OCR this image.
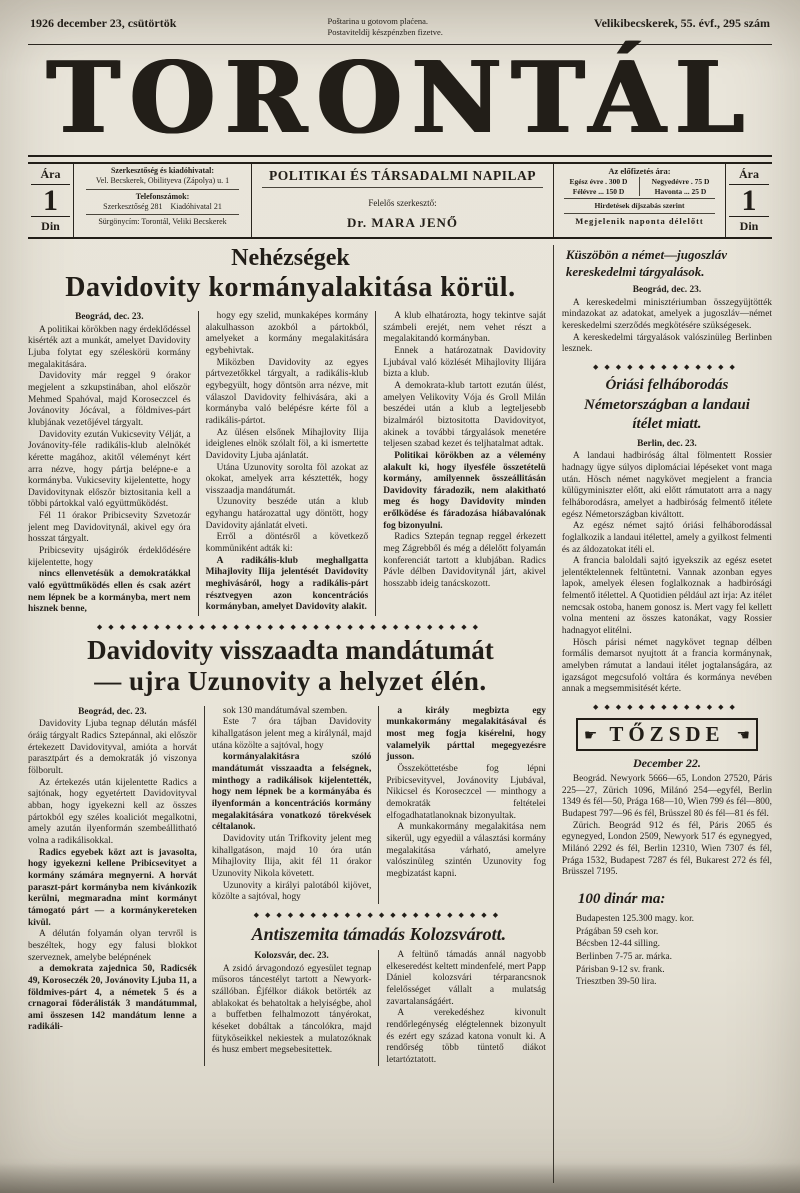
1926 december 23, csütörtök	Poštarina u gotovom plaćena.
Postaviteldíj készpénzben fizetve.
Velikibecskerek, 55. évf., 295 szám
TORONTÁL
Ára
1
Din
Szerkesztőség és kiadóhivatal:
Vel. Becskerek, Obilityeva (Zápolya) u. 1
Telefonszámok:
Szerkesztőség 281 Kiadóhivatal 21
Sürgönycím: Torontál, Veliki Becskerek
POLITIKAI ÉS TÁRSADALMI NAPILAP
Felelős szerkesztő:
Dr. MARA JENŐ
Az előfizetés ára:
Egész évre . 300 D	Negyedévre . 75 D
Félévre ... 150 D	Havonta ... 25 D
Hirdetések díjszabás szerint
Megjelenik naponta délelőtt
Ára
1
Din
Nehézségek
Davidovity kormányalakitása körül.

Beográd, dec. 23.

A politikai körökben nagy érdeklődéssel kisérték azt a munkát, amelyet Davidovity Ljuba folytat egy széleskörü kormány megalakitására.

Davidovity már reggel 9 órakor megjelent a szkupstinában, ahol először Mehmed Spahóval, majd Koroseczcel és Jovánovity Jócával, a földmives-párt klubjának vezetőjével tárgyalt.

Davidovity ezután Vukicsevity Vélját, a Jovánovity-féle radikális-klub alelnökét kérette magához, akitől véleményt kért arra nézve, hogy pártja belépne-e a kormányba. Vukicsevity kijelentette, hogy Davidovitynak először biztositania kell a többi pártokkal való együttműködést.

Fél 11 órakor Pribicsevity Szvetozár jelent meg Davidovitynál, akivel egy óra hosszat tárgyalt.

Pribicsevity ujságirók érdeklődésére kijelentette, hogy

nincs ellenvetésük a demokratákkal való együttműködés ellen és csak azért nem lépnek be a kormányba, mert nem hisznek benne,

hogy egy szelid, munkaképes kormány alakulhasson azokból a pártokból, amelyeket a kormány megalakitására egybehivtak.

Miközben Davidovity az egyes pártvezetőkkel tárgyalt, a radikális-klub egybegyült, hogy döntsön arra nézve, mit válaszol Davidovity felhivására, aki a kormányba való belépésre kérte föl a radikális-pártot.

Az ülésen elsőnek Mihajlovity Ilija ideiglenes elnök szólalt föl, a ki ismertette Davidovity Ljuba ajánlatát.

Utána Uzunovity sorolta föl azokat az okokat, amelyek arra késztették, hogy visszaadja mandátumát.

Uzunovity beszéde után a klub egyhangu határozattal ugy döntött, hogy Davidovity ajánlatát elveti.

Erről a döntésről a következő kommüniként adták ki:

A radikális-klub meghallgatta Mihajlovity Ilija jelentését Davidovity meghivásáról, hogy a radikális-párt résztvegyen azon koncentrációs kormányban, amelyet Davidovity alakit.

A klub elhatározta, hogy tekintve saját számbeli erejét, nem vehet részt a megalakitandó kormányban.

Ennek a határozatnak Davidovity Ljubával való közlését Mihajlovity Ilijára bizta a klub.

A demokrata-klub tartott ezután ülést, amelyen Velikovity Vója és Groll Milán beszédei után a klub a legteljesebb bizalmáról biztositotta Davidovityot, akinek a további tárgyalások menetére teljesen szabad kezet és teljhatalmat adtak.

Politikai körökben az a vélemény alakult ki, hogy ilyesféle összetételü kormány, amilyennek összeállitásán Davidovity fáradozik, nem alakitható meg és hogy Davidovity minden erőlködése és fáradozása hiábavalónak fog bizonyulni.

Radics Sztepán tegnap reggel érkezett meg Zágrebből és még a délelőtt folyamán konferenciát tartott a klubjában. Radics Pávle délben Davidovitynál járt, akivel hosszabb ideig tanácskozott.

◆◆◆◆◆◆◆◆◆◆◆◆◆◆◆◆◆◆◆◆◆◆◆◆◆◆◆◆◆◆◆◆◆◆
Davidovity visszaadta mandátumát
— ujra Uzunovity a helyzet élén.

Beográd, dec. 23.

Davidovity Ljuba tegnap délután másfél óráig tárgyalt Radics Sztepánnal, aki először értekezett Davidovityval, amióta a horvát parasztpárt és a demokraták jó viszonya fölborult.

Az értekezés után kijelentette Radics a sajtónak, hogy egyetértett Davidovityval abban, hogy igyekezni kell az összes pártokból egy széles koaliciót megalkotni, amely azután ilyenformán szembeállitható volna a radikálisokkal.

Radics egyebek közt azt is javasolta, hogy igyekezni kellene Pribicsevityet a kormány számára megnyerni. A horvát paraszt-párt kormányba nem kivánkozik kerülni, megmaradna mint kormányt támogató párt — a kormánykereteken kivül.

A délután folyamán olyan tervről is beszéltek, hogy egy falusi blokkot szerveznek, amelybe belépnének

a demokrata zajednica 50, Radicsék 49, Koroseczék 20, Jovánovity Ljuba 11, a földmives-párt 4, a németek 5 és a crnagorai föderálisták 3 mandátummal, ami összesen 142 mandátum lenne a radikáli-

sok 130 mandátumával szemben.

Este 7 óra tájban Davidovity kihallgatáson jelent meg a királynál, majd utána közölte a sajtóval, hogy

kormányalakitásra szóló mandátumát visszaadta a felségnek, minthogy a radikálisok kijelentették, hogy nem lépnek be a kormányába és ilyenformán a koncentrációs kormány megalakitására vonatkozó törekvések céltalanok.

Davidovity után Trifkovity jelent meg kihallgatáson, majd 10 óra után Mihajlovity Ilija, akit fél 11 órakor Uzunovity Nikola követett.

Uzunovity a királyi palotából kijövet, közölte a sajtóval, hogy

a király megbizta egy munkakormány megalakitásával és most meg fogja kisérelni, hogy valamelyik párttal megegyezésre jusson.

Összeköttetésbe fog lépni Pribicsevityvel, Jovánovity Ljubával, Nikicsel és Koroseczcel — minthogy a demokraták feltételei elfogadhatatlanoknak bizonyultak.

A munkakormány megalakitása nem sikerül, ugy egyedül a választási kormány megalakitása várható, amelyre valószinüleg szintén Uzunovity fog megbizatást kapni.

◆◆◆◆◆◆◆◆◆◆◆◆◆◆◆◆◆◆◆◆◆◆
Antiszemita támadás Kolozsvárott.

Kolozsvár, dec. 23.

A zsidó árvagondozó egyesület tegnap műsoros táncestélyt tartott a Newyork-szállóban. Éjfélkor diákok betörték az ablakokat és behatoltak a helyiségbe, ahol a buffetben felhalmozott tányérokat, késeket dobáltak a táncolókra, majd fütyköseikkel nekiestek a mulatozóknak és husz embert megsebesitettek.

A feltünő támadás annál nagyobb elkeseredést keltett mindenfelé, mert Papp Dániel kolozsvári térparancsnok felelősséget vállalt a mulatság zavartalanságáért.

A verekedéshez kivonult rendőrlegénység elégtelennek bizonyult és ezért egy század katona vonult ki. A rendőrség több tüntető diákot letartóztatott.

Küszöbön a német—jugoszláv kereskedelmi tárgyalások.

Beográd, dec. 23.

A kereskedelmi minisztériumban összegyüjtötték mindazokat az adatokat, amelyek a jugoszláv—német kereskedelmi szerződés megkötésére szükségesek.

A kereskedelmi tárgyalások valószinüleg Berlinben lesznek.

◆◆◆◆◆◆◆◆◆◆◆◆◆
Óriási felháborodás Németországban a landaui ítélet miatt.

Berlin, dec. 23.

A landaui hadbiróság által fölmentett Rossier hadnagy ügye súlyos diplomáciai lépéseket vont maga után. Hösch német nagykövet megjelent a francia külügyminiszter előtt, aki előtt rámutatott arra a nagy felháborodásra, amelyet a hadbiróság felmentő itélete egész Németországban kiváltott.

Az egész német sajtó óriási felháborodással foglalkozik a landaui itélettel, amely a gyilkost felmenti és az áldozatokat itéli el.

A francia baloldali sajtó igyekszik az egész esetet jelentéktelennek feltüntetni. Vannak azonban egyes lapok, amelyek élesen foglalkoznak a hadbirósági felmentő itélettel. A Quotidien például azt irja: Az itélet nemcsak ostoba, hanem gonosz is. Mert vagy fel kellett volna menteni az összes katonákat, vagy Rossier hadnagyot elitélni.

Hösch párisi német nagykövet tegnap délben formális demarsot nyujtott át a francia kormánynak, amelyben rámutat a landaui itélet jogtalanságára, az igazságot megcsufoló voltára és kormánya nevében annak a megsemmisitését kérte.

◆◆◆◆◆◆◆◆◆◆◆◆◆
☛ TŐZSDE ☚
December 22.

Beográd. Newyork 5666—65, London 27520, Páris 225—27, Zürich 1096, Milánó 254—egyfél, Berlin 1349 és fél—50, Prága 168—10, Wien 799 és fél—800, Budapest 797—96 és fél, Brüsszel 80 és fél—81 és fél.

Zürich. Beográd 912 és fél, Páris 2065 és egynegyed, London 2509, Newyork 517 és egynegyed, Milánó 2292 és fél, Berlin 12310, Wien 7307 és fél, Prága 1532, Budapest 7287 és fél, Bukarest 272 és fél, Brüsszel 7195.

100 dinár ma:

Budapesten 125.300 magy. kor.

Prágában 59 cseh kor.

Bécsben 12-44 silling.

Berlinben 7-75 ar. márka.

Párisban 9-12 sv. frank.

Triesztben 39-50 lira.
